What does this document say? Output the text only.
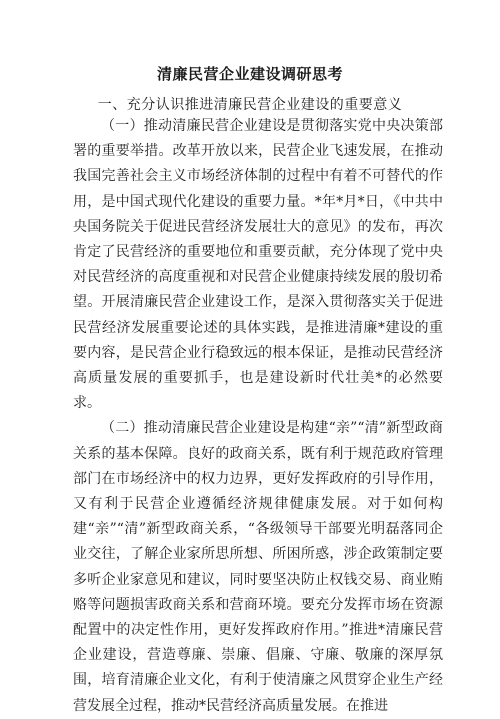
清廉民营企业建设调研思考
一、充分认识推进清廉民营企业建设的重要意义

（一）推动清廉民营企业建设是贯彻落实党中央决策部署的重要举措。改革开放以来，民营企业飞速发展，在推动我国完善社会主义市场经济体制的过程中有着不可替代的作用，是中国式现代化建设的重要力量。*年*月*日，《中共中央国务院关于促进民营经济发展壮大的意见》的发布，再次肯定了民营经济的重要地位和重要贡献，充分体现了党中央对民营经济的高度重视和对民营企业健康持续发展的殷切希望。开展清廉民营企业建设工作，是深入贯彻落实关于促进民营经济发展重要论述的具体实践，是推进清廉*建设的重要内容，是民营企业行稳致远的根本保证，是推动民营经济高质量发展的重要抓手，也是建设新时代壮美*的必然要求。

（二）推动清廉民营企业建设是构建“亲”“清”新型政商关系的基本保障。良好的政商关系，既有利于规范政府管理部门在市场经济中的权力边界，更好发挥政府的引导作用，又有利于民营企业遵循经济规律健康发展。对于如何构建“亲”“清”新型政商关系，“各级领导干部要光明磊落同企业交往，了解企业家所思所想、所困所惑，涉企政策制定要多听企业家意见和建议，同时要坚决防止权钱交易、商业贿赂等问题损害政商关系和营商环境。要充分发挥市场在资源配置中的决定性作用，更好发挥政府作用。”推进*清廉民营企业建设，营造尊廉、崇廉、倡廉、守廉、敬廉的深厚氛围，培育清廉企业文化，有利于使清廉之风贯穿企业生产经营发展全过程，推动*民营经济高质量发展。在推进
